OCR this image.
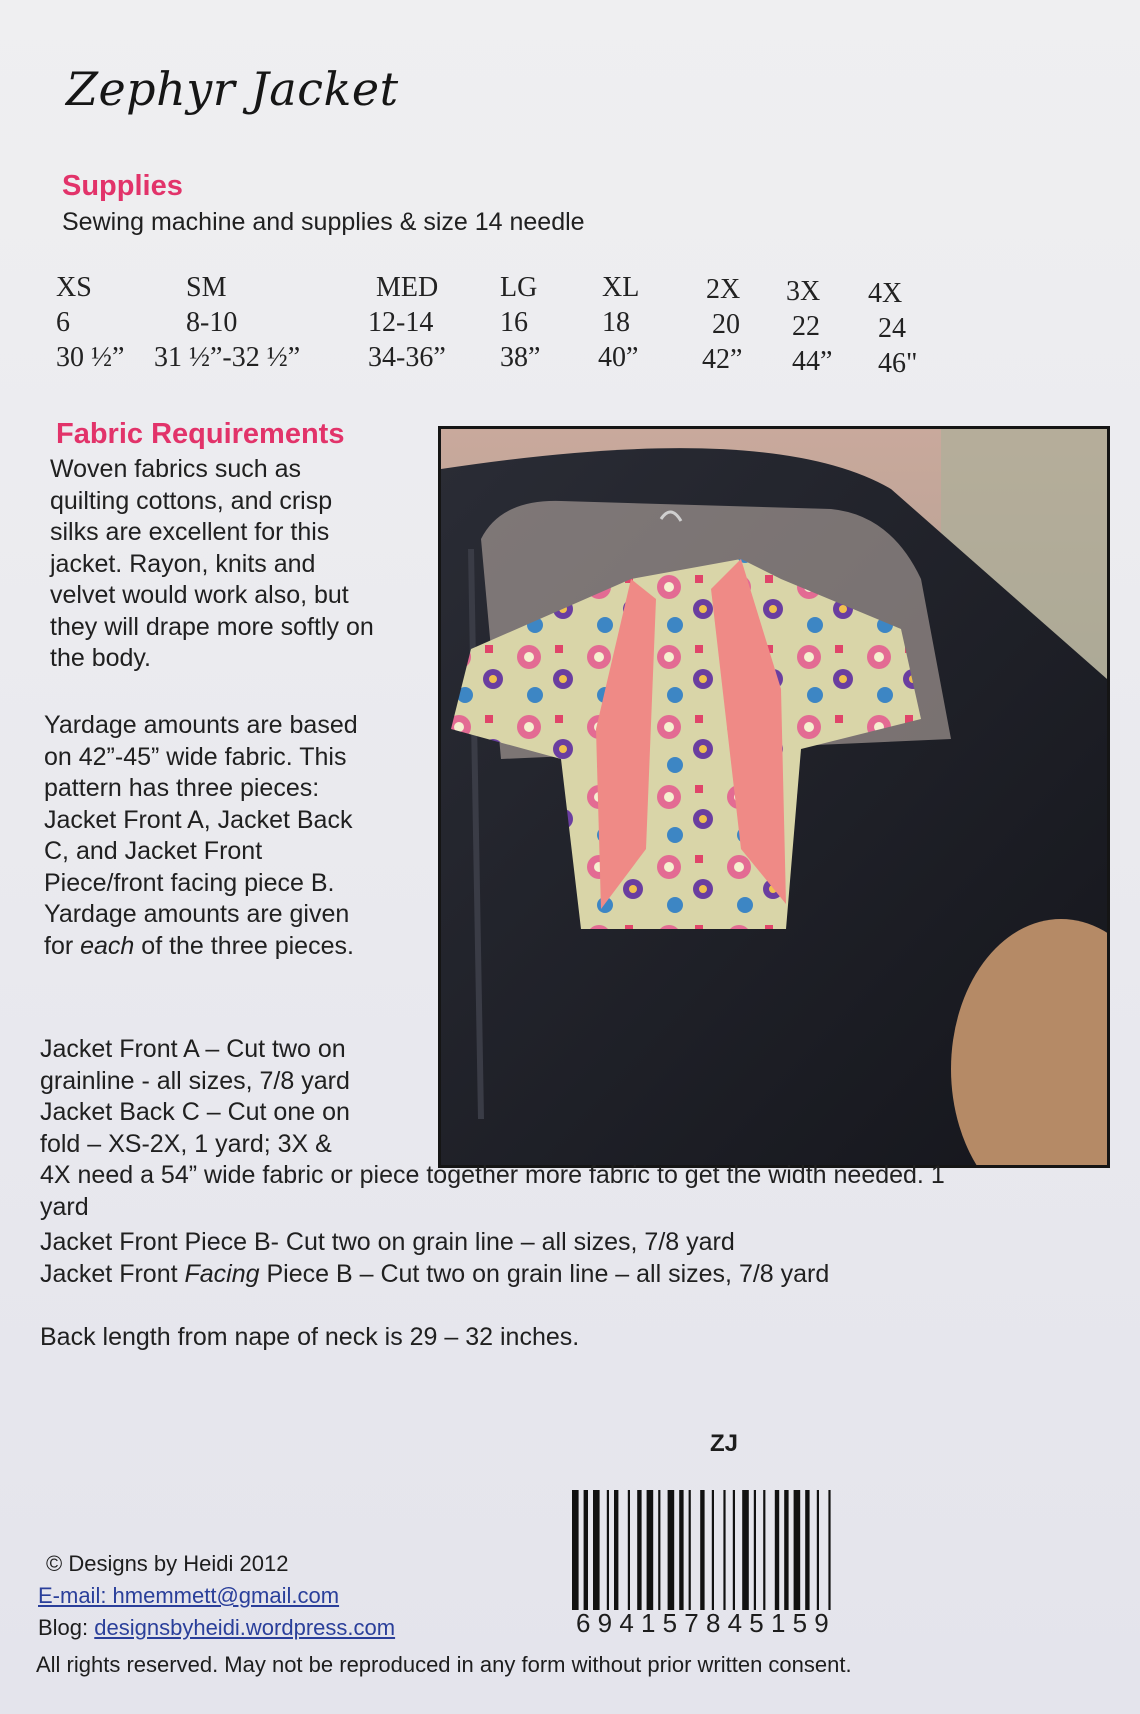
Zephyr Jacket
Supplies
Sewing machine and supplies & size 14 needle
XS
6
30 ½”
SM
8-10
31 ½”-32 ½”
MED
12-14
34-36”
LG
16
38”
XL
18
40”
2X
20
42”
3X
22
44”
4X
24
46"
Fabric Requirements
Woven fabrics such as
quilting cottons, and crisp
silks are excellent for this
jacket. Rayon, knits and
velvet would work also, but
they will drape more softly on
the body.
Yardage amounts are based
on 42”-45” wide fabric. This
pattern has three pieces:
Jacket Front A, Jacket Back
C, and Jacket Front
Piece/front facing piece B.
Yardage amounts are given
for each of the three pieces.
Jacket Front A – Cut two on
grainline - all sizes, 7/8 yard
Jacket Back C – Cut one on
fold – XS-2X, 1 yard; 3X &
4X need a 54” wide fabric or piece together more fabric to get the width needed. 1
yard
Jacket Front Piece B- Cut two on grain line – all sizes, 7/8 yard
Jacket Front Facing Piece B – Cut two on grain line – all sizes, 7/8 yard
Back length from nape of neck is 29 – 32 inches.
ZJ
694157845159
© Designs by Heidi 2012
E-mail: hmemmett@gmail.com
Blog: designsbyheidi.wordpress.com
All rights reserved. May not be reproduced in any form without prior written consent.
